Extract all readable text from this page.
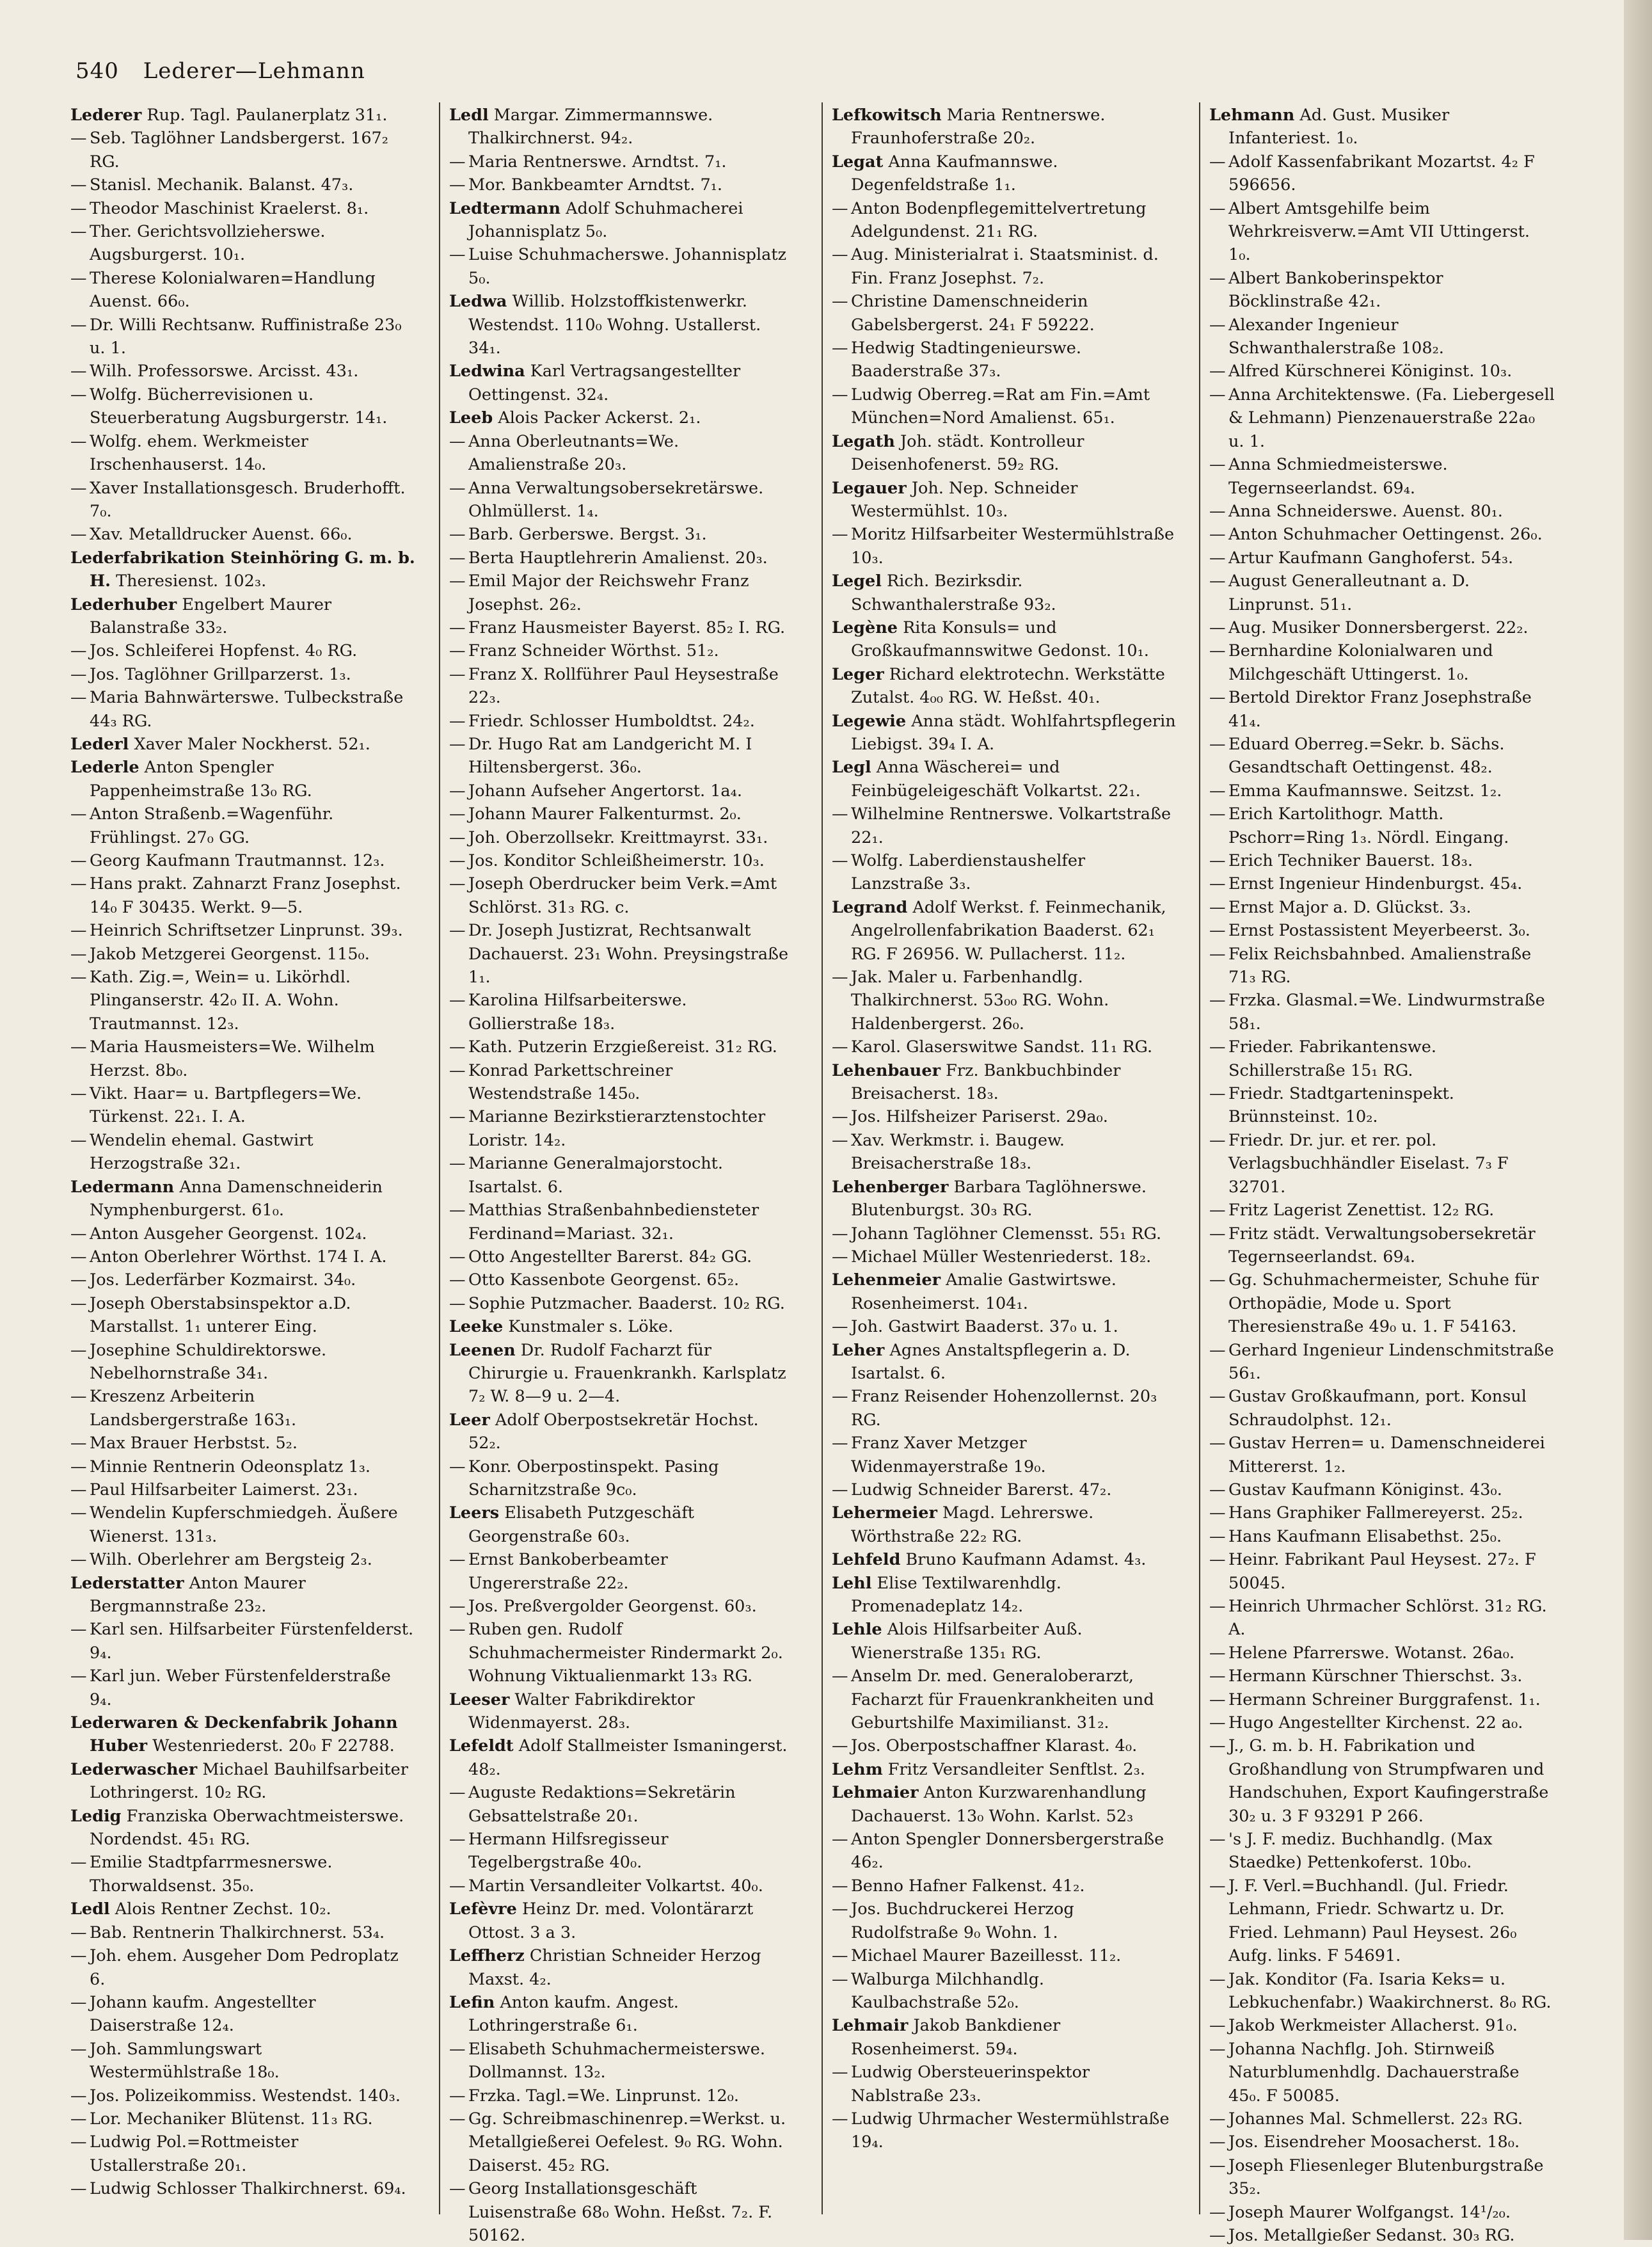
540 Lederer—Lehmann

Lederer Rup. Tagl. Paulanerplatz 31₁.

— Seb. Taglöhner Landsbergerst. 167₂ RG.

— Stanisl. Mechanik. Balanst. 47₃.

— Theodor Maschinist Kraelerst. 8₁.

— Ther. Gerichtsvollzieherswe. Augsburgerst. 10₁.

— Therese Kolonialwaren=Handlung Auenst. 66₀.

— Dr. Willi Rechtsanw. Ruffinistraße 23₀ u. 1.

— Wilh. Professorswe. Arcisst. 43₁.

— Wolfg. Bücherrevisionen u. Steuerberatung Augsburgerstr. 14₁.

— Wolfg. ehem. Werkmeister Irschenhauserst. 14₀.

— Xaver Installationsgesch. Bruderhofft. 7₀.

— Xav. Metalldrucker Auenst. 66₀.

Lederfabrikation Steinhöring G. m. b. H. Theresienst. 102₃.

Lederhuber Engelbert Maurer Balanstraße 33₂.

— Jos. Schleiferei Hopfenst. 4₀ RG.

— Jos. Taglöhner Grillparzerst. 1₃.

— Maria Bahnwärterswe. Tulbeckstraße 44₃ RG.

Lederl Xaver Maler Nockherst. 52₁.

Lederle Anton Spengler Pappenheimstraße 13₀ RG.

— Anton Straßenb.=Wagenführ. Frühlingst. 27₀ GG.

— Georg Kaufmann Trautmannst. 12₃.

— Hans prakt. Zahnarzt Franz Josephst. 14₀ F 30435. Werkt. 9—5.

— Heinrich Schriftsetzer Linprunst. 39₃.

— Jakob Metzgerei Georgenst. 115₀.

— Kath. Zig.=, Wein= u. Likörhdl. Plinganserstr. 42₀ II. A. Wohn. Trautmannst. 12₃.

— Maria Hausmeisters=We. Wilhelm Herzst. 8b₀.

— Vikt. Haar= u. Bartpflegers=We. Türkenst. 22₁. I. A.

— Wendelin ehemal. Gastwirt Herzogstraße 32₁.

Ledermann Anna Damenschneiderin Nymphenburgerst. 61₀.

— Anton Ausgeher Georgenst. 102₄.

— Anton Oberlehrer Wörthst. 174 I. A.

— Jos. Lederfärber Kozmairst. 34₀.

— Joseph Oberstabsinspektor a.D. Marstallst. 1₁ unterer Eing.

— Josephine Schuldirektorswe. Nebelhornstraße 34₁.

— Kreszenz Arbeiterin Landsbergerstraße 163₁.

— Max Brauer Herbstst. 5₂.

— Minnie Rentnerin Odeonsplatz 1₃.

— Paul Hilfsarbeiter Laimerst. 23₁.

— Wendelin Kupferschmiedgeh. Äußere Wienerst. 131₃.

— Wilh. Oberlehrer am Bergsteig 2₃.

Lederstatter Anton Maurer Bergmannstraße 23₂.

— Karl sen. Hilfsarbeiter Fürstenfelderst. 9₄.

— Karl jun. Weber Fürstenfelderstraße 9₄.

Lederwaren & Deckenfabrik Johann Huber Westenriederst. 20₀ F 22788.

Lederwascher Michael Bauhilfsarbeiter Lothringerst. 10₂ RG.

Ledig Franziska Oberwachtmeisterswe. Nordendst. 45₁ RG.

— Emilie Stadtpfarrmesnerswe. Thorwaldsenst. 35₀.

Ledl Alois Rentner Zechst. 10₂.

— Bab. Rentnerin Thalkirchnerst. 53₄.

— Joh. ehem. Ausgeher Dom Pedroplatz 6.

— Johann kaufm. Angestellter Daiserstraße 12₄.

— Joh. Sammlungswart Westermühlstraße 18₀.

— Jos. Polizeikommiss. Westendst. 140₃.

— Lor. Mechaniker Blütenst. 11₃ RG.

— Ludwig Pol.=Rottmeister Ustallerstraße 20₁.

— Ludwig Schlosser Thalkirchnerst. 69₄.

Ledl Margar. Zimmermannswe. Thalkirchnerst. 94₂.

— Maria Rentnerswe. Arndtst. 7₁.

— Mor. Bankbeamter Arndtst. 7₁.

Ledtermann Adolf Schuhmacherei Johannisplatz 5₀.

— Luise Schuhmacherswe. Johannisplatz 5₀.

Ledwa Willib. Holzstoffkistenwerkr. Westendst. 110₀ Wohng. Ustallerst. 34₁.

Ledwina Karl Vertragsangestellter Oettingenst. 32₄.

Leeb Alois Packer Ackerst. 2₁.

— Anna Oberleutnants=We. Amalienstraße 20₃.

— Anna Verwaltungsobersekretärswe. Ohlmüllerst. 1₄.

— Barb. Gerberswe. Bergst. 3₁.

— Berta Hauptlehrerin Amalienst. 20₃.

— Emil Major der Reichswehr Franz Josephst. 26₂.

— Franz Hausmeister Bayerst. 85₂ I. RG.

— Franz Schneider Wörthst. 51₂.

— Franz X. Rollführer Paul Heysestraße 22₃.

— Friedr. Schlosser Humboldtst. 24₂.

— Dr. Hugo Rat am Landgericht M. I Hiltensbergerst. 36₀.

— Johann Aufseher Angertorst. 1a₄.

— Johann Maurer Falkenturmst. 2₀.

— Joh. Oberzollsekr. Kreittmayrst. 33₁.

— Jos. Konditor Schleißheimerstr. 10₃.

— Joseph Oberdrucker beim Verk.=Amt Schlörst. 31₃ RG. c.

— Dr. Joseph Justizrat, Rechtsanwalt Dachauerst. 23₁ Wohn. Preysingstraße 1₁.

— Karolina Hilfsarbeiterswe. Gollierstraße 18₃.

— Kath. Putzerin Erzgießereist. 31₂ RG.

— Konrad Parkettschreiner Westendstraße 145₀.

— Marianne Bezirkstierarztenstochter Loristr. 14₂.

— Marianne Generalmajorstocht. Isartalst. 6.

— Matthias Straßenbahnbediensteter Ferdinand=Mariast. 32₁.

— Otto Angestellter Barerst. 84₂ GG.

— Otto Kassenbote Georgenst. 65₂.

— Sophie Putzmacher. Baaderst. 10₂ RG.

Leeke Kunstmaler s. Löke.

Leenen Dr. Rudolf Facharzt für Chirurgie u. Frauenkrankh. Karlsplatz 7₂ W. 8—9 u. 2—4.

Leer Adolf Oberpostsekretär Hochst. 52₂.

— Konr. Oberpostinspekt. Pasing Scharnitzstraße 9c₀.

Leers Elisabeth Putzgeschäft Georgenstraße 60₃.

— Ernst Bankoberbeamter Ungererstraße 22₂.

— Jos. Preßvergolder Georgenst. 60₃.

— Ruben gen. Rudolf Schuhmachermeister Rindermarkt 2₀. Wohnung Viktualienmarkt 13₃ RG.

Leeser Walter Fabrikdirektor Widenmayerst. 28₃.

Lefeldt Adolf Stallmeister Ismaningerst. 48₂.

— Auguste Redaktions=Sekretärin Gebsattelstraße 20₁.

— Hermann Hilfsregisseur Tegelbergstraße 40₀.

— Martin Versandleiter Volkartst. 40₀.

Lefèvre Heinz Dr. med. Volontärarzt Ottost. 3 a 3.

Leffherz Christian Schneider Herzog Maxst. 4₂.

Lefin Anton kaufm. Angest. Lothringerstraße 6₁.

— Elisabeth Schuhmachermeisterswe. Dollmannst. 13₂.

— Frzka. Tagl.=We. Linprunst. 12₀.

— Gg. Schreibmaschinenrep.=Werkst. u. Metallgießerei Oefelest. 9₀ RG. Wohn. Daiserst. 45₂ RG.

— Georg Installationsgeschäft Luisenstraße 68₀ Wohn. Heßst. 7₂. F. 50162.

Lefkowitsch Maria Rentnerswe. Fraunhoferstraße 20₂.

Legat Anna Kaufmannswe. Degenfeldstraße 1₁.

— Anton Bodenpflegemittelvertretung Adelgundenst. 21₁ RG.

— Aug. Ministerialrat i. Staatsminist. d. Fin. Franz Josephst. 7₂.

— Christine Damenschneiderin Gabelsbergerst. 24₁ F 59222.

— Hedwig Stadtingenieurswe. Baaderstraße 37₃.

— Ludwig Oberreg.=Rat am Fin.=Amt München=Nord Amalienst. 65₁.

Legath Joh. städt. Kontrolleur Deisenhofenerst. 59₂ RG.

Legauer Joh. Nep. Schneider Westermühlst. 10₃.

— Moritz Hilfsarbeiter Westermühlstraße 10₃.

Legel Rich. Bezirksdir. Schwanthalerstraße 93₂.

Legène Rita Konsuls= und Großkaufmannswitwe Gedonst. 10₁.

Leger Richard elektrotechn. Werkstätte Zutalst. 4₀₀ RG. W. Heßst. 40₁.

Legewie Anna städt. Wohlfahrtspflegerin Liebigst. 39₄ I. A.

Legl Anna Wäscherei= und Feinbügeleigeschäft Volkartst. 22₁.

— Wilhelmine Rentnerswe. Volkartstraße 22₁.

— Wolfg. Laberdienstaushelfer Lanzstraße 3₃.

Legrand Adolf Werkst. f. Feinmechanik, Angelrollenfabrikation Baaderst. 62₁ RG. F 26956. W. Pullacherst. 11₂.

— Jak. Maler u. Farbenhandlg. Thalkirchnerst. 53₀₀ RG. Wohn. Haldenbergerst. 26₀.

— Karol. Glaserswitwe Sandst. 11₁ RG.

Lehenbauer Frz. Bankbuchbinder Breisacherst. 18₃.

— Jos. Hilfsheizer Pariserst. 29a₀.

— Xav. Werkmstr. i. Baugew. Breisacherstraße 18₃.

Lehenberger Barbara Taglöhnerswe. Blutenburgst. 30₃ RG.

— Johann Taglöhner Clemensst. 55₁ RG.

— Michael Müller Westenriederst. 18₂.

Lehenmeier Amalie Gastwirtswe. Rosenheimerst. 104₁.

— Joh. Gastwirt Baaderst. 37₀ u. 1.

Leher Agnes Anstaltspflegerin a. D. Isartalst. 6.

— Franz Reisender Hohenzollernst. 20₃ RG.

— Franz Xaver Metzger Widenmayerstraße 19₀.

— Ludwig Schneider Barerst. 47₂.

Lehermeier Magd. Lehrerswe. Wörthstraße 22₂ RG.

Lehfeld Bruno Kaufmann Adamst. 4₃.

Lehl Elise Textilwarenhdlg. Promenadeplatz 14₂.

Lehle Alois Hilfsarbeiter Auß. Wienerstraße 135₁ RG.

— Anselm Dr. med. Generaloberarzt, Facharzt für Frauenkrankheiten und Geburtshilfe Maximilianst. 31₂.

— Jos. Oberpostschaffner Klarast. 4₀.

Lehm Fritz Versandleiter Senftlst. 2₃.

Lehmaier Anton Kurzwarenhandlung Dachauerst. 13₀ Wohn. Karlst. 52₃

— Anton Spengler Donnersbergerstraße 46₂.

— Benno Hafner Falkenst. 41₂.

— Jos. Buchdruckerei Herzog Rudolfstraße 9₀ Wohn. 1.

— Michael Maurer Bazeillesst. 11₂.

— Walburga Milchhandlg. Kaulbachstraße 52₀.

Lehmair Jakob Bankdiener Rosenheimerst. 59₄.

— Ludwig Obersteuerinspektor Nablstraße 23₃.

— Ludwig Uhrmacher Westermühlstraße 19₄.

Lehmann Ad. Gust. Musiker Infanteriest. 1₀.

— Adolf Kassenfabrikant Mozartst. 4₂ F 596656.

— Albert Amtsgehilfe beim Wehrkreisverw.=Amt VII Uttingerst. 1₀.

— Albert Bankoberinspektor Böcklinstraße 42₁.

— Alexander Ingenieur Schwanthalerstraße 108₂.

— Alfred Kürschnerei Königinst. 10₃.

— Anna Architektenswe. (Fa. Liebergesell & Lehmann) Pienzenauerstraße 22a₀ u. 1.

— Anna Schmiedmeisterswe. Tegernseerlandst. 69₄.

— Anna Schneiderswe. Auenst. 80₁.

— Anton Schuhmacher Oettingenst. 26₀.

— Artur Kaufmann Ganghoferst. 54₃.

— August Generalleutnant a. D. Linprunst. 51₁.

— Aug. Musiker Donnersbergerst. 22₂.

— Bernhardine Kolonialwaren und Milchgeschäft Uttingerst. 1₀.

— Bertold Direktor Franz Josephstraße 41₄.

— Eduard Oberreg.=Sekr. b. Sächs. Gesandtschaft Oettingenst. 48₂.

— Emma Kaufmannswe. Seitzst. 1₂.

— Erich Kartolithogr. Matth. Pschorr=Ring 1₃. Nördl. Eingang.

— Erich Techniker Bauerst. 18₃.

— Ernst Ingenieur Hindenburgst. 45₄.

— Ernst Major a. D. Glückst. 3₃.

— Ernst Postassistent Meyerbeerst. 3₀.

— Felix Reichsbahnbed. Amalienstraße 71₃ RG.

— Frzka. Glasmal.=We. Lindwurmstraße 58₁.

— Frieder. Fabrikantenswe. Schillerstraße 15₁ RG.

— Friedr. Stadtgarteninspekt. Brünnsteinst. 10₂.

— Friedr. Dr. jur. et rer. pol. Verlagsbuchhändler Eiselast. 7₃ F 32701.

— Fritz Lagerist Zenettist. 12₂ RG.

— Fritz städt. Verwaltungsobersekretär Tegernseerlandst. 69₄.

— Gg. Schuhmachermeister, Schuhe für Orthopädie, Mode u. Sport Theresienstraße 49₀ u. 1. F 54163.

— Gerhard Ingenieur Lindenschmitstraße 56₁.

— Gustav Großkaufmann, port. Konsul Schraudolphst. 12₁.

— Gustav Herren= u. Damenschneiderei Mittererst. 1₂.

— Gustav Kaufmann Königinst. 43₀.

— Hans Graphiker Fallmereyerst. 25₂.

— Hans Kaufmann Elisabethst. 25₀.

— Heinr. Fabrikant Paul Heysest. 27₂. F 50045.

— Heinrich Uhrmacher Schlörst. 31₂ RG. A.

— Helene Pfarrerswe. Wotanst. 26a₀.

— Hermann Kürschner Thierschst. 3₃.

— Hermann Schreiner Burggrafenst. 1₁.

— Hugo Angestellter Kirchenst. 22 a₀.

— J., G. m. b. H. Fabrikation und Großhandlung von Strumpfwaren und Handschuhen, Export Kaufingerstraße 30₂ u. 3 F 93291 P 266.

— 's J. F. mediz. Buchhandlg. (Max Staedke) Pettenkoferst. 10b₀.

— J. F. Verl.=Buchhandl. (Jul. Friedr. Lehmann, Friedr. Schwartz u. Dr. Fried. Lehmann) Paul Heysest. 26₀ Aufg. links. F 54691.

— Jak. Konditor (Fa. Isaria Keks= u. Lebkuchenfabr.) Waakirchnerst. 8₀ RG.

— Jakob Werkmeister Allacherst. 91₀.

— Johanna Nachflg. Joh. Stirnweiß Naturblumenhdlg. Dachauerstraße 45₀. F 50085.

— Johannes Mal. Schmellerst. 22₃ RG.

— Jos. Eisendreher Moosacherst. 18₀.

— Joseph Fliesenleger Blutenburgstraße 35₂.

— Joseph Maurer Wolfgangst. 14¹/₂₀.

— Jos. Metallgießer Sedanst. 30₃ RG.
